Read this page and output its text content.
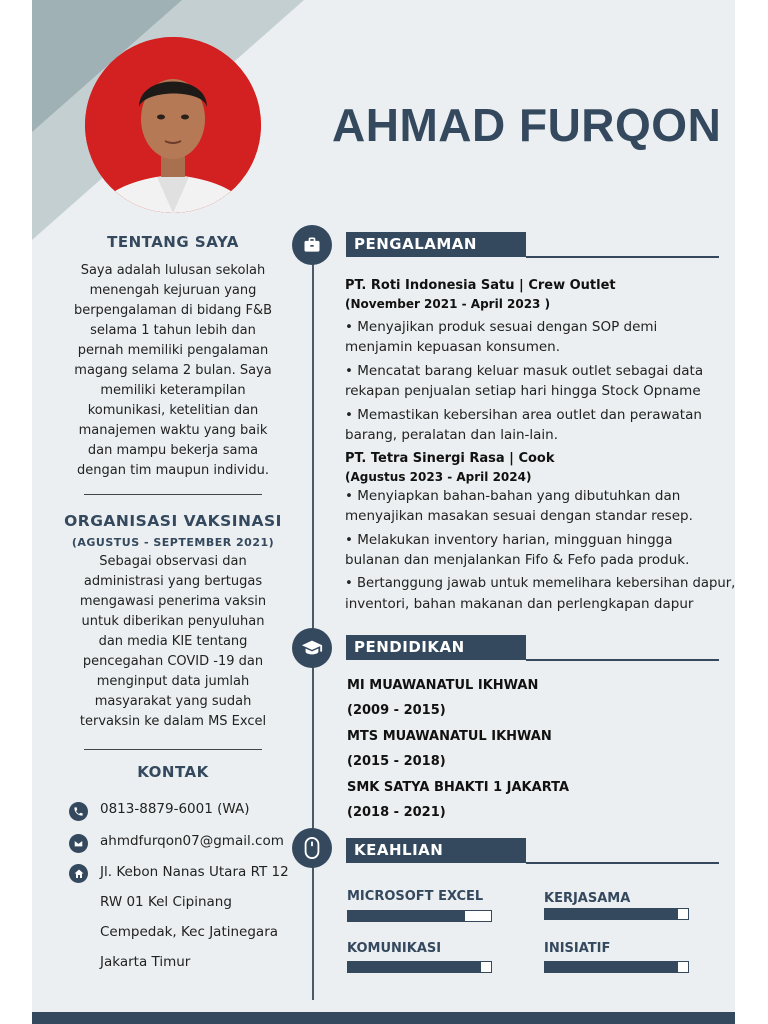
AHMAD FURQON
TENTANG SAYA
Saya adalah lulusan sekolah
menengah kejuruan yang
berpengalaman di bidang F&B
selama 1 tahun lebih dan
pernah memiliki pengalaman
magang selama 2 bulan. Saya
memiliki keterampilan
komunikasi, ketelitian dan
manajemen waktu yang baik
dan mampu bekerja sama
dengan tim maupun individu.
ORGANISASI VAKSINASI
(AGUSTUS - SEPTEMBER 2021)
Sebagai observasi dan
administrasi yang bertugas
mengawasi penerima vaksin
untuk diberikan penyuluhan
dan media KIE tentang
pencegahan COVID -19 dan
menginput data jumlah
masyarakat yang sudah
tervaksin ke dalam MS Excel
KONTAK
0813-8879-6001 (WA)
ahmdfurqon07@gmail.com
Jl. Kebon Nanas Utara RT 12
RW 01 Kel Cipinang
Cempedak, Kec Jatinegara
Jakarta Timur
PENGALAMAN
PT. Roti Indonesia Satu | Crew Outlet
(November 2021 - April 2023 )
• Menyajikan produk sesuai dengan SOP demi
menjamin kepuasan konsumen.
• Mencatat barang keluar masuk outlet sebagai data
rekapan penjualan setiap hari hingga Stock Opname
• Memastikan kebersihan area outlet dan perawatan
barang, peralatan dan lain-lain.
PT. Tetra Sinergi Rasa | Cook
(Agustus 2023 - April 2024)
• Menyiapkan bahan-bahan yang dibutuhkan dan
menyajikan masakan sesuai dengan standar resep.
• Melakukan inventory harian, mingguan hingga
bulanan dan menjalankan Fifo & Fefo pada produk.
• Bertanggung jawab untuk memelihara kebersihan dapur,
inventori, bahan makanan dan perlengkapan dapur
PENDIDIKAN
MI MUAWANATUL IKHWAN
(2009 - 2015)
MTS MUAWANATUL IKHWAN
(2015 - 2018)
SMK SATYA BHAKTI 1 JAKARTA
(2018 - 2021)
KEAHLIAN
MICROSOFT EXCEL	KERJASAMA
KOMUNIKASI	INISIATIF
